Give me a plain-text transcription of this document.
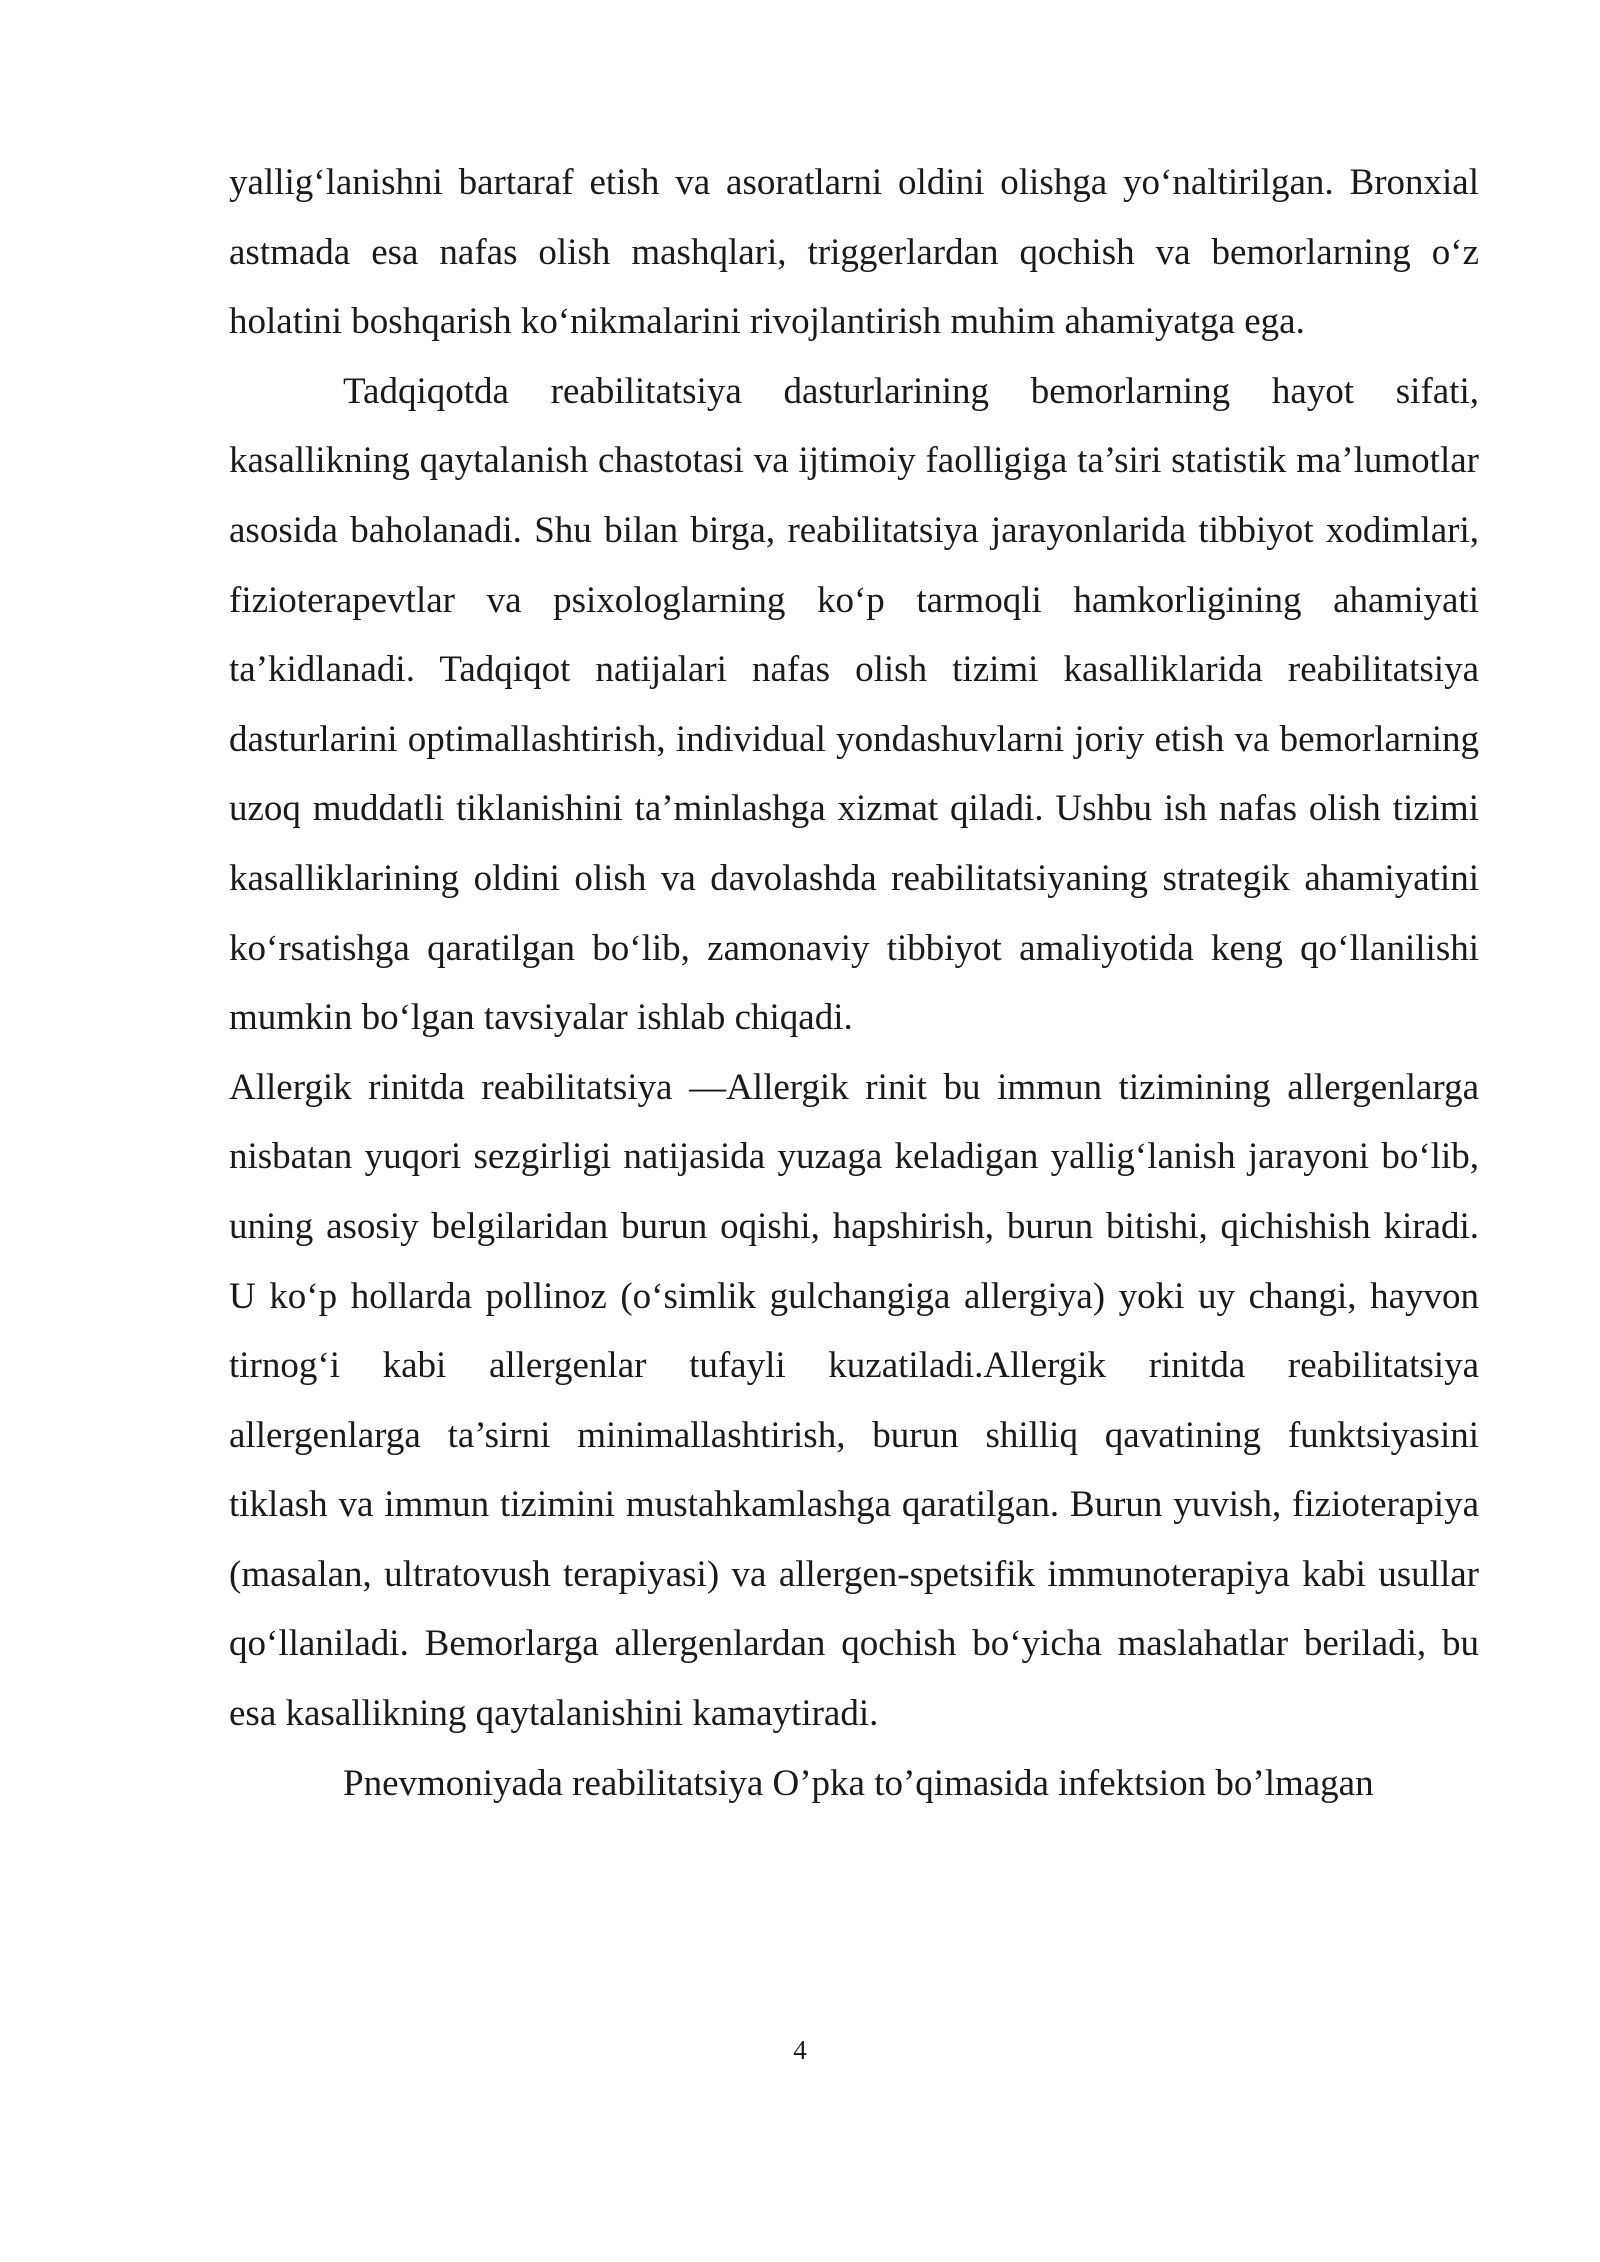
yallig‘lanishni bartaraf etish va asoratlarni oldini olishga yo‘naltirilgan. Bronxial astmada esa nafas olish mashqlari, triggerlardan qochish va bemorlarning o‘z holatini boshqarish ko‘nikmalarini rivojlantirish muhim ahamiyatga ega.

Tadqiqotda reabilitatsiya dasturlarining bemorlarning hayot sifati, kasallikning qaytalanish chastotasi va ijtimoiy faolligiga ta’siri statistik ma’lumotlar asosida baholanadi. Shu bilan birga, reabilitatsiya jarayonlarida tibbiyot xodimlari, fizioterapevtlar va psixologlarning ko‘p tarmoqli hamkorligining ahamiyati ta’kidlanadi. Tadqiqot natijalari nafas olish tizimi kasalliklarida reabilitatsiya dasturlarini optimallashtirish, individual yondashuvlarni joriy etish va bemorlarning uzoq muddatli tiklanishini ta’minlashga xizmat qiladi. Ushbu ish nafas olish tizimi kasalliklarining oldini olish va davolashda reabilitatsiyaning strategik ahamiyatini ko‘rsatishga qaratilgan bo‘lib, zamonaviy tibbiyot amaliyotida keng qo‘llanilishi mumkin bo‘lgan tavsiyalar ishlab chiqadi.

Allergik rinitda reabilitatsiya —Allergik rinit bu immun tizimining allergenlarga nisbatan yuqori sezgirligi natijasida yuzaga keladigan yallig‘lanish jarayoni bo‘lib, uning asosiy belgilaridan burun oqishi, hapshirish, burun bitishi, qichishish kiradi. U ko‘p hollarda pollinoz (o‘simlik gulchangiga allergiya) yoki uy changi, hayvon tirnog‘i kabi allergenlar tufayli kuzatiladi.Allergik rinitda reabilitatsiya allergenlarga ta’sirni minimallashtirish, burun shilliq qavatining funktsiyasini tiklash va immun tizimini mustahkamlashga qaratilgan. Burun yuvish, fizioterapiya (masalan, ultratovush terapiyasi) va allergen-spetsifik immunoterapiya kabi usullar qo‘llaniladi. Bemorlarga allergenlardan qochish bo‘yicha maslahatlar beriladi, bu esa kasallikning qaytalanishini kamaytiradi.

Pnevmoniyada reabilitatsiya O’pka to’qimasida infektsion bo’lmagan

4
